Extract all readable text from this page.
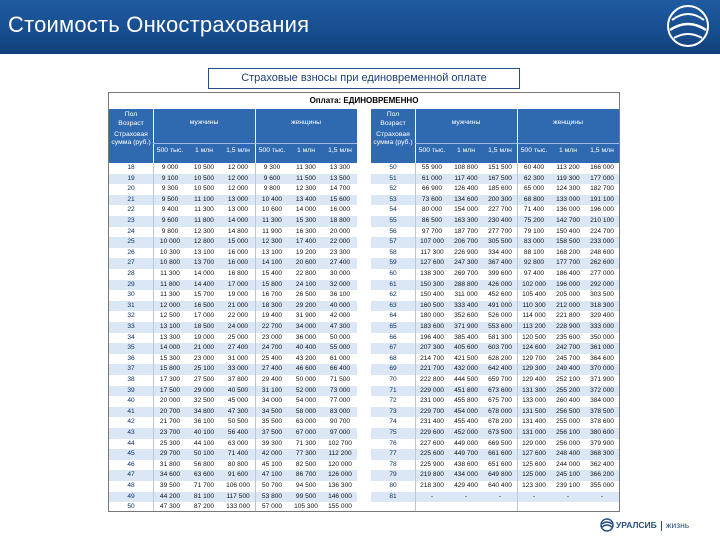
Стоимость Онкострахования
Страховые взносы при единовременной оплате
Оплата: ЕДИНОВРЕМЕННО
Пол
Возраст
Страховая сумма (руб.)
мужчины	женщины
500 тыс.	1 млн	1,5 млн	500 тыс.	1 млн	1,5 млн
Пол
Возраст
Страховая сумма (руб.)
мужчины	женщины
500 тыс.	1 млн	1,5 млн	500 тыс.	1 млн	1,5 млн
18	9 000	10 500	12 000	9 300	11 300	13 300
19	9 100	10 500	12 000	9 600	11 500	13 500
20	9 300	10 500	12 000	9 800	12 300	14 700
21	9 500	11 100	13 000	10 400	13 400	15 600
22	9 400	11 300	13 000	10 600	14 000	16 000
23	9 600	11 800	14 000	11 300	15 300	18 800
24	9 800	12 300	14 800	11 900	16 300	20 000
25	10 000	12 800	15 000	12 300	17 400	22 000
26	10 300	13 100	16 000	13 100	19 200	23 300
27	10 800	13 700	16 000	14 100	20 600	27 400
28	11 300	14 000	16 800	15 400	22 800	30 000
29	11 800	14 400	17 000	15 800	24 100	32 000
30	11 300	15 700	19 000	16 700	26 500	36 100
31	12 000	16 500	21 000	18 300	29 200	40 000
32	12 500	17 000	22 000	19 400	31 900	42 000
33	13 100	18 500	24 000	22 700	34 000	47 300
34	13 300	19 000	25 000	23 000	36 000	50 000
35	14 000	21 000	27 400	24 700	40 400	55 000
36	15 300	23 000	31 000	25 400	43 200	61 000
37	15 800	25 100	33 000	27 400	46 600	66 400
38	17 300	27 500	37 800	29 400	50 000	71 500
39	17 500	29 000	40 500	31 100	52 000	73 000
40	20 000	32 500	45 000	34 000	54 000	77 000
41	20 700	34 800	47 300	34 500	58 000	83 000
42	21 700	36 100	50 500	35 500	63 000	90 700
43	23 700	40 100	56 400	37 500	67 000	97 000
44	25 300	44 100	63 000	39 300	71 300	102 700
45	29 700	50 100	71 400	42 000	77 300	112 200
46	31 800	56 800	80 800	45 100	82 500	120 000
47	34 600	63 600	91 600	47 100	86 700	126 000
48	39 500	71 700	106 000	50 700	94 500	136 300
49	44 200	81 100	117 500	53 800	99 500	146 000
50	47 300	87 200	133 000	57 000	105 300	155 000
50	55 900	108 800	151 500	60 400	113 200	166 000
51	61 000	117 400	167 500	62 300	119 300	177 000
52	66 900	126 400	185 600	65 000	124 300	182 700
53	73 600	134 600	200 300	68 800	133 000	191 100
54	80 000	154 000	227 700	71 400	136 000	196 000
55	86 500	163 300	230 400	75 200	142 700	210 100
56	97 700	187 700	277 700	79 100	150 400	224 700
57	107 000	206 700	305 500	83 000	158 500	233 000
58	117 300	226 900	334 400	88 100	168 200	248 600
59	127 600	247 300	367 400	92 800	177 700	262 600
60	138 300	269 700	399 600	97 400	186 400	277 000
61	150 300	288 800	426 000	102 000	196 000	292 000
62	150 400	311 000	452 600	105 400	205 000	303 500
63	160 500	333 400	491 000	110 300	212 000	318 300
64	180 000	352 600	526 000	114 000	221 800	329 400
65	183 600	371 900	553 600	113 200	228 900	333 000
66	196 400	385 400	581 300	120 500	235 600	350 000
67	207 300	405 600	603 700	124 600	242 700	361 000
68	214 700	421 500	628 200	129 700	245 700	364 600
69	221 700	432 000	642 400	129 300	249 400	370 000
70	222 800	444 500	659 700	129 400	252 100	371 900
71	229 000	451 800	673 600	131 300	255 200	372 000
72	231 000	455 800	675 700	133 000	260 400	384 000
73	229 700	454 000	678 000	131 500	256 500	378 500
74	231 400	455 400	678 200	131 400	255 000	378 600
75	229 600	452 000	673 500	131 000	256 100	380 600
76	227 600	449 000	669 500	129 000	256 000	379 900
77	225 600	449 700	661 600	127 600	248 400	368 300
78	225 900	438 600	651 600	125 600	244 000	362 400
79	219 800	434 000	649 800	125 000	245 100	366 200
80	218 300	429 400	640 400	123 300	239 100	355 000
81	-	-	-	-	-	-
УРАЛСИБ жизнь
